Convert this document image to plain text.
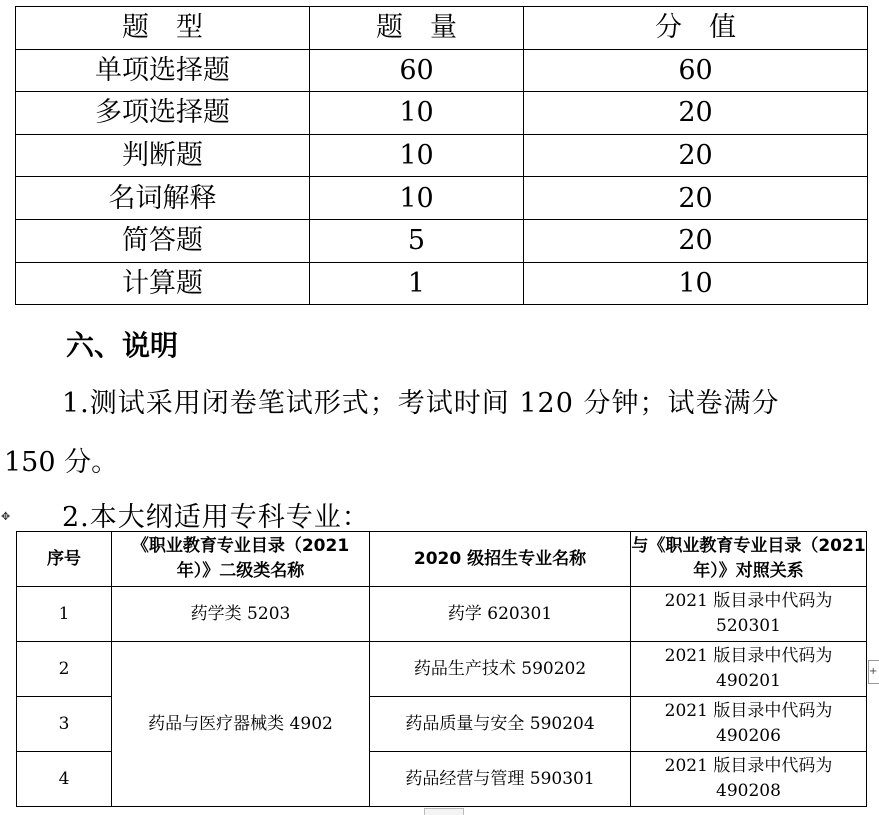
题　型	题　量	分　值
单项选择题	60	60
多项选择题	10	20
判断题	10	20
名词解释	10	20
简答题	5	20
计算题	1	10
六、说明
1.测试采用闭卷笔试形式；考试时间 120 分钟；试卷满分
150 分。
2.本大纲适用专科专业：
✥
序号	《职业教育专业目录（2021 年）》二级类名称	2020 级招生专业名称	与《职业教育专业目录（2021 年）》对照关系
1	药学类 5203	药学 620301	2021 版目录中代码为 520301
2	药品与医疗器械类 4902	药品生产技术 590202	2021 版目录中代码为 490201
3		药品质量与安全 590204	2021 版目录中代码为 490206
4		药品经营与管理 590301	2021 版目录中代码为 490208
+
